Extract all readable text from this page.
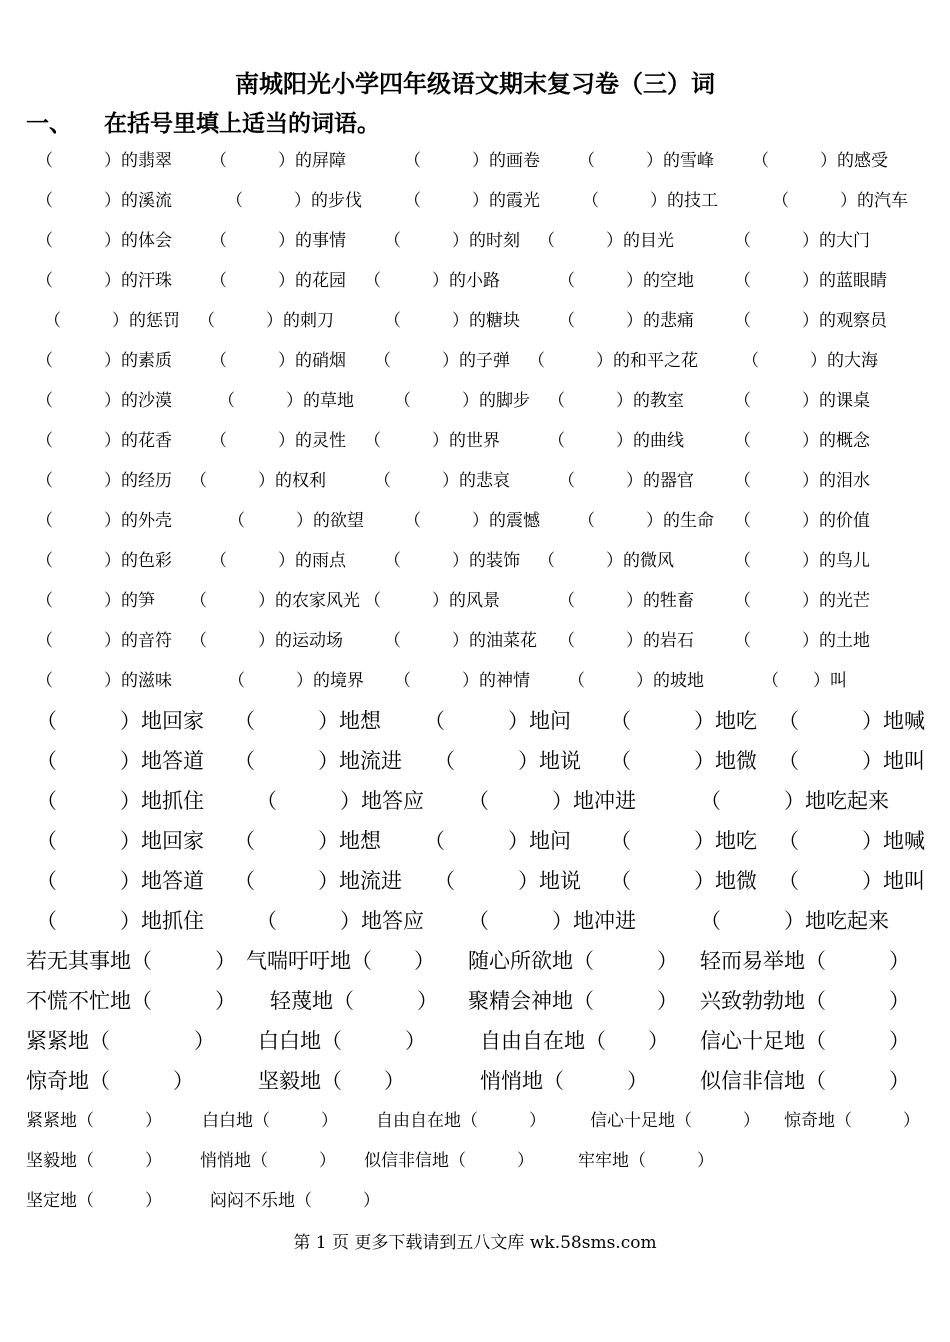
南城阳光小学四年级语文期末复习卷（三）词
一、 在括号里填上适当的词语。
（　　　）的翡翠 （　　　）的屏障	（　　　）的画卷 （　　　）的雪峰 （　　　）的感受
（　　　）的溪流	（　　　）的步伐 （　　　）的霞光 （　　　）的技工	（　　　）的汽车
（　　　）的体会 （　　　）的事情 （　　　）的时刻 （　　　）的目光	（　　　）的大门
（　　　）的汗珠 （　　　）的花园 （　　　）的小路	（　　　）的空地 （　　　）的蓝眼睛
（　　　）的惩罚 （　　　）的刺刀	（　　　）的糖块 （　　　）的悲痛 （　　　）的观察员
（　　　）的素质 （　　　）的硝烟 （　　　）的子弹 （　　　）的和平之花	（　　　）的大海
（　　　）的沙漠	（　　　）的草地 （　　　）的脚步 （　　　）的教室	（　　　）的课桌
（　　　）的花香 （　　　）的灵性 （　　　）的世界	（　　　）的曲线	（　　　）的概念
（　　　）的经历 （　　　）的权利	（　　　）的悲哀	（　　　）的器官 （　　　）的泪水
（　　　）的外壳	（　　　）的欲望 （　　　）的震憾 （　　　）的生命 （　　　）的价值
（　　　）的色彩 （　　　）的雨点 （　　　）的装饰 （　　　）的微风	（　　　）的鸟儿
（　　　）的笋 （　　　）的农家风光 （　　　）的风景	（　　　）的牲畜 （　　　）的光芒
（　　　）的音符 （　　　）的运动场 （　　　）的油菜花 （　　　）的岩石 （　　　）的土地
（　　　）的滋味	（　　　）的境界 （　　　）的神情 （　　　）的坡地	（　　）叫
（　　　）地回家 （　　　）地想 （　　　）地问 （　　　）地吃 （　　　）地喊
（　　　）地答道 （　　　）地流进 （　　　）地说 （　　　）地微 （　　　）地叫
（　　　）地抓住 （　　　）地答应 （　　　）地冲进	（　　　）地吃起来
（　　　）地回家 （　　　）地想 （　　　）地问 （　　　）地吃 （　　　）地喊
（　　　）地答道 （　　　）地流进 （　　　）地说 （　　　）地微 （　　　）地叫
（　　　）地抓住 （　　　）地答应 （　　　）地冲进	（　　　）地吃起来
若无其事地（　　　） 气喘吁吁地（　　） 随心所欲地（　　　） 轻而易举地（　　　）
不慌不忙地（　　　） 轻蔑地（　　　） 聚精会神地（　　　） 兴致勃勃地（　　　）
紧紧地（　　　　） 白白地（　　　）	自由自在地（　　） 信心十足地（　　　）
惊奇地（　　　）	坚毅地（　　）	悄悄地（　　　） 似信非信地（　　　）
紧紧地（　　　） 白白地（　　　） 自由自在地（　　　）	信心十足地（　　　） 惊奇地（　　　）
坚毅地（　　　） 悄悄地（　　　） 似信非信地（　　　）	牢牢地（　　　）
坚定地（　　　）	闷闷不乐地（　　　）
第 1 页 更多下载请到五八文库 wk.58sms.com
